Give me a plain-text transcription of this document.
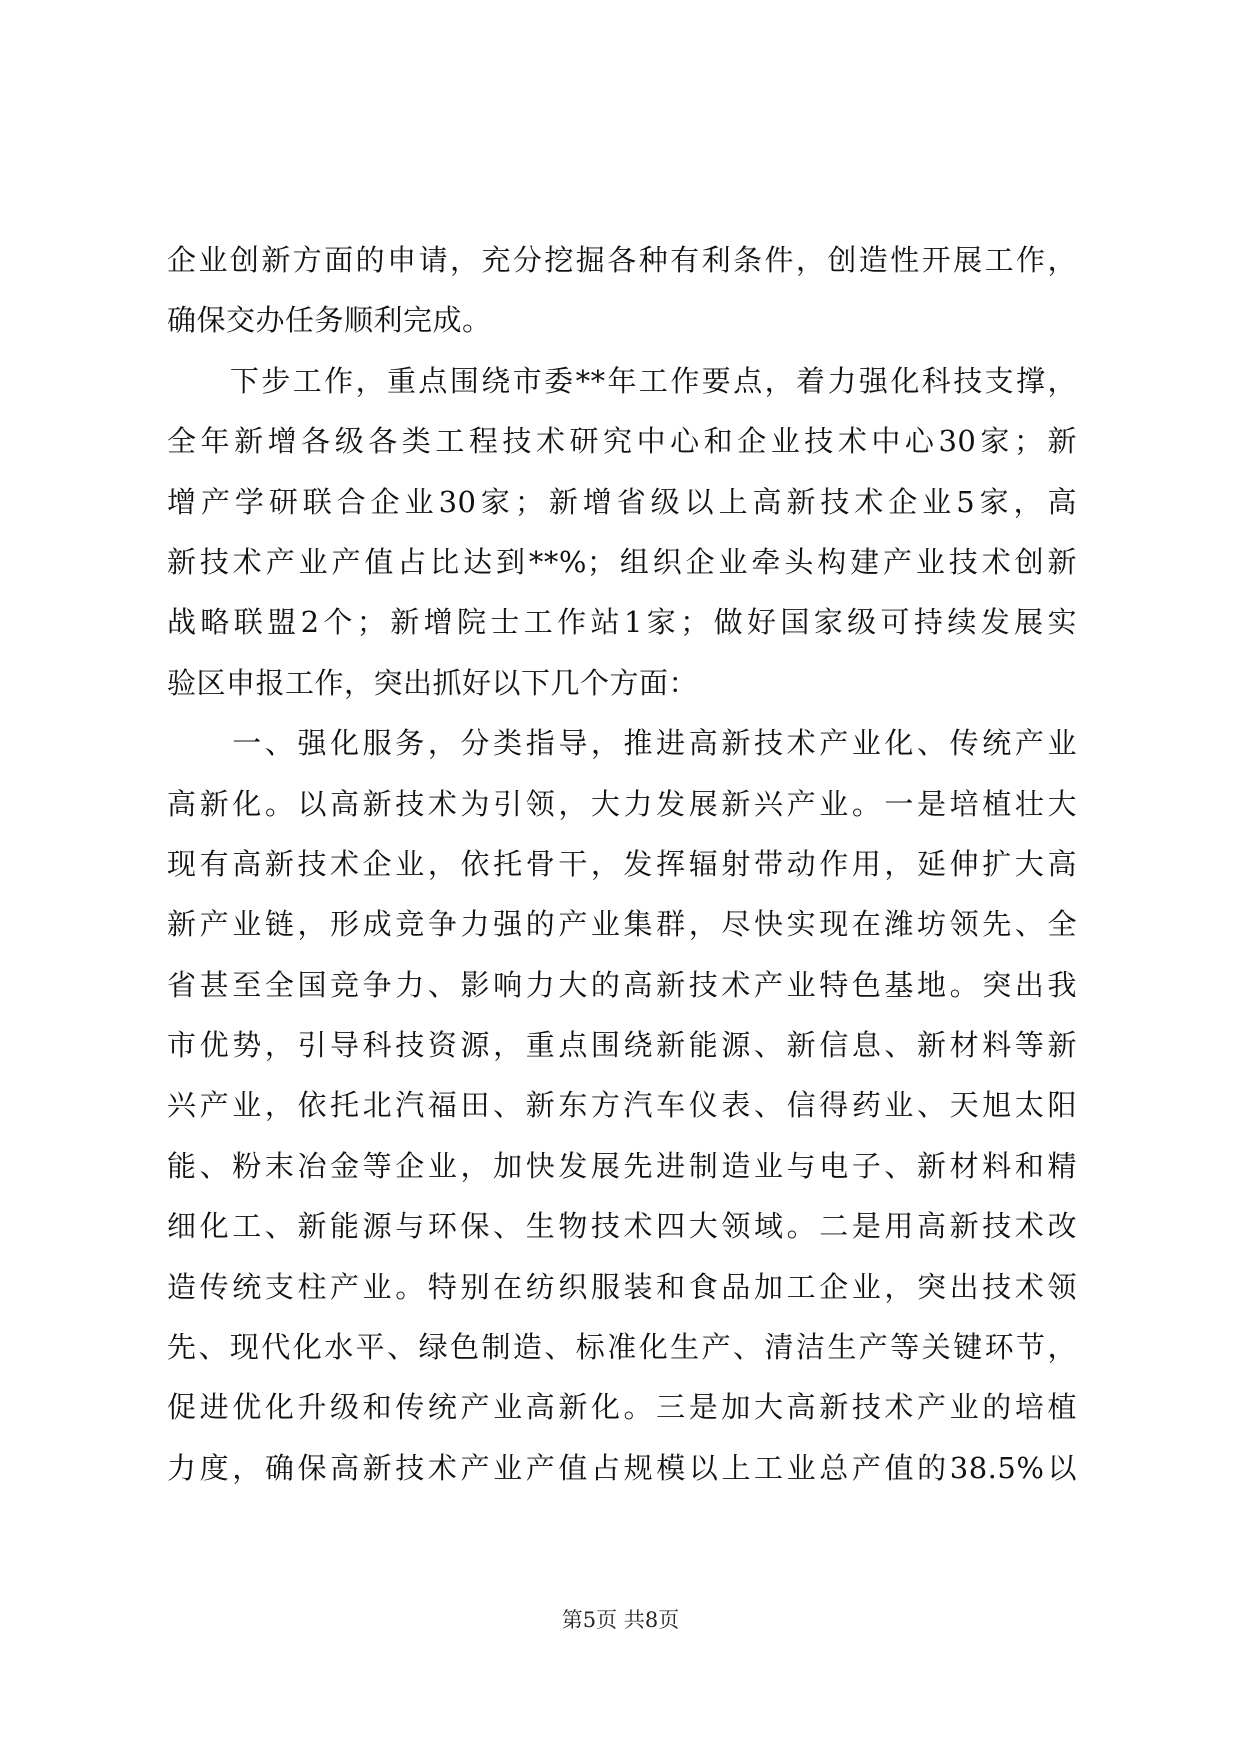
企业创新方面的申请，充分挖掘各种有利条件，创造性开展工作，
确保交办任务顺利完成。
　　下步工作，重点围绕市委**年工作要点，着力强化科技支撑，
全年新增各级各类工程技术研究中心和企业技术中心30家；新
增产学研联合企业30家；新增省级以上高新技术企业5家，高
新技术产业产值占比达到**%；组织企业牵头构建产业技术创新
战略联盟2个；新增院士工作站1家；做好国家级可持续发展实
验区申报工作，突出抓好以下几个方面：
　　一、强化服务，分类指导，推进高新技术产业化、传统产业
高新化。以高新技术为引领，大力发展新兴产业。一是培植壮大
现有高新技术企业，依托骨干，发挥辐射带动作用，延伸扩大高
新产业链，形成竞争力强的产业集群，尽快实现在潍坊领先、全
省甚至全国竞争力、影响力大的高新技术产业特色基地。突出我
市优势，引导科技资源，重点围绕新能源、新信息、新材料等新
兴产业，依托北汽福田、新东方汽车仪表、信得药业、天旭太阳
能、粉末冶金等企业，加快发展先进制造业与电子、新材料和精
细化工、新能源与环保、生物技术四大领域。二是用高新技术改
造传统支柱产业。特别在纺织服装和食品加工企业，突出技术领
先、现代化水平、绿色制造、标准化生产、清洁生产等关键环节，
促进优化升级和传统产业高新化。三是加大高新技术产业的培植
力度，确保高新技术产业产值占规模以上工业总产值的38.5%以
第5页 共8页
